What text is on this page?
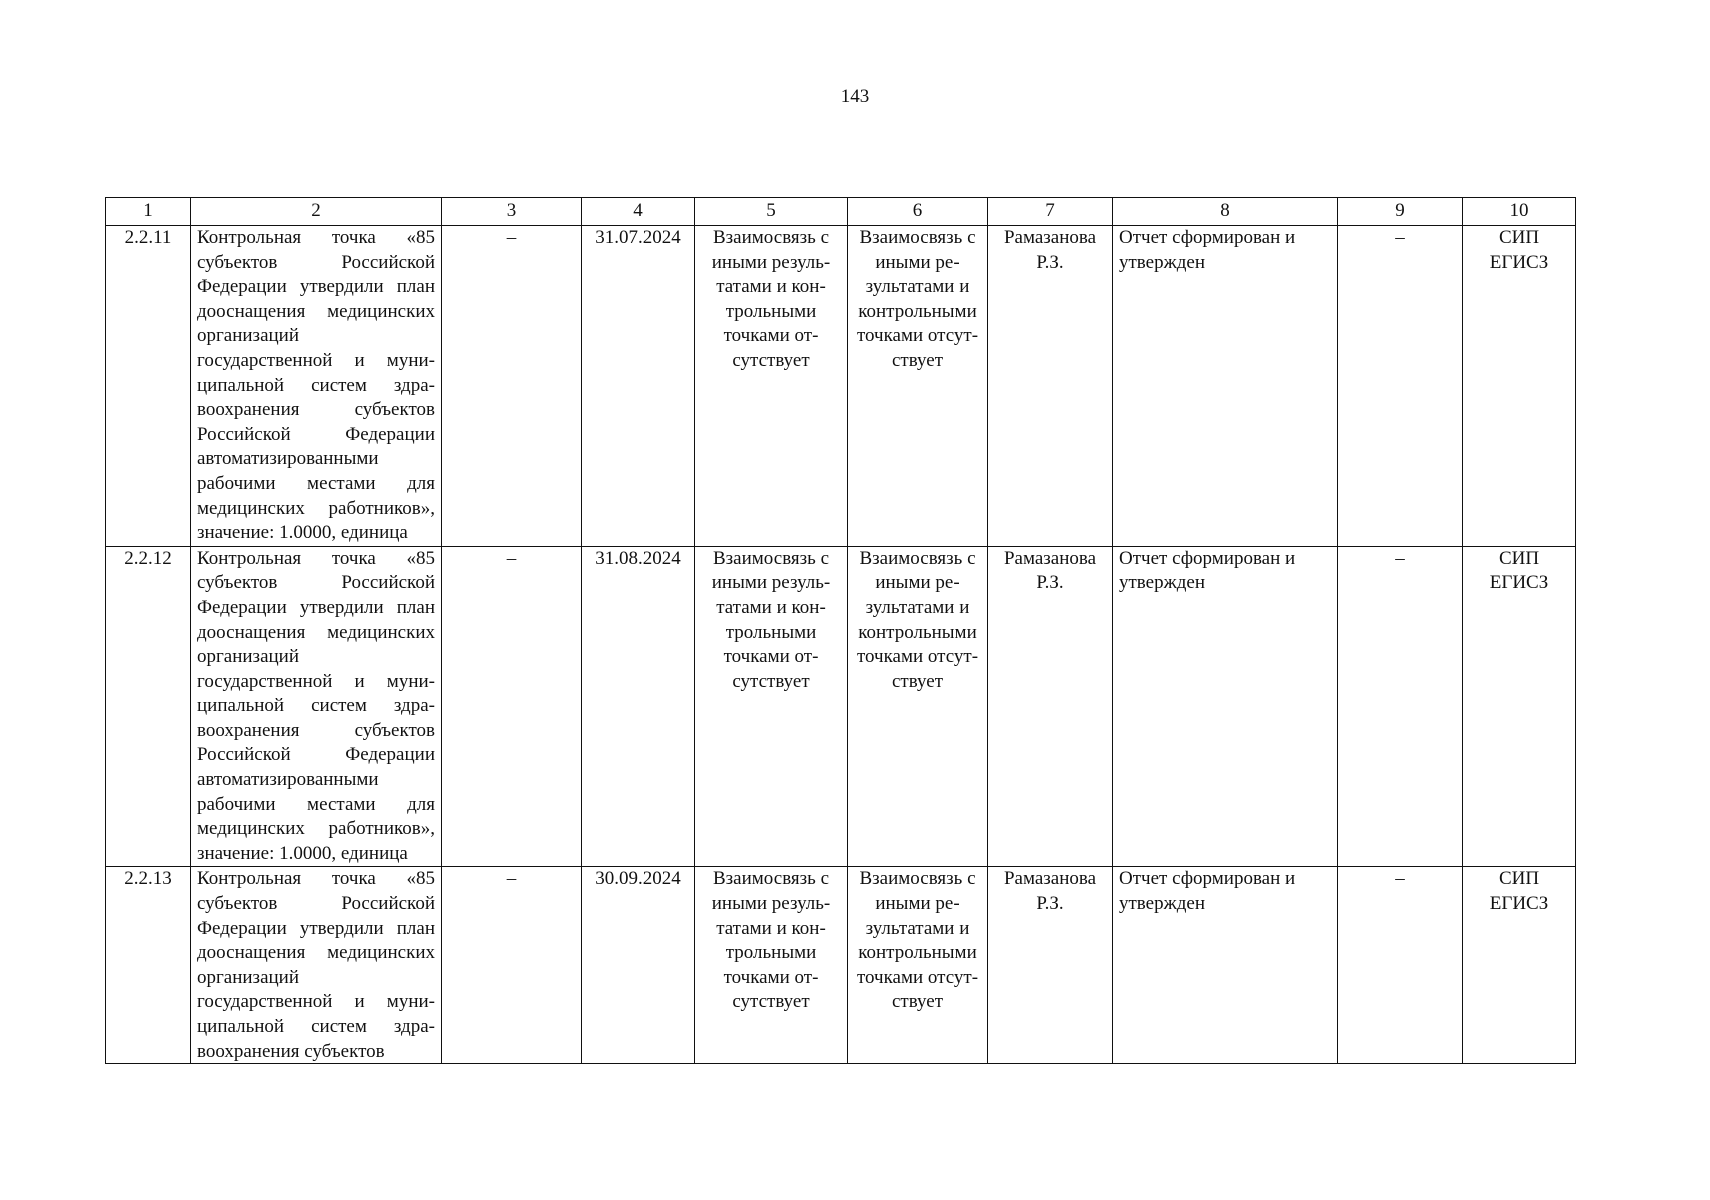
143
1	2	3	4	5	6	7	8	9	10
2.2.11	Контрольная точка «85 субъектов Российской Федерации утвердили план дооснащения медицинских организаций государственной и муниципальной систем здравоохранения субъектов Российской Федерации автоматизированными рабочими местами для медицинских работников», значение: 1.0000, единица	–	31.07.2024	Взаимосвязь с иными результатами и контрольными точками отсутствует	Взаимосвязь с иными результатами и контрольными точками отсутствует	Рамазанова Р.З.	Отчет сформирован и утвержден	–	СИП ЕГИСЗ
2.2.12	Контрольная точка «85 субъектов Российской Федерации утвердили план дооснащения медицинских организаций государственной и муниципальной систем здравоохранения субъектов Российской Федерации автоматизированными рабочими местами для медицинских работников», значение: 1.0000, единица	–	31.08.2024	Взаимосвязь с иными результатами и контрольными точками отсутствует	Взаимосвязь с иными результатами и контрольными точками отсутствует	Рамазанова Р.З.	Отчет сформирован и утвержден	–	СИП ЕГИСЗ
2.2.13	Контрольная точка «85 субъектов Российской Федерации утвердили план дооснащения медицинских организаций государственной и муниципальной систем здравоохранения субъектов	–	30.09.2024	Взаимосвязь с иными результатами и контрольными точками отсутствует	Взаимосвязь с иными результатами и контрольными точками отсутствует	Рамазанова Р.З.	Отчет сформирован и утвержден	–	СИП ЕГИСЗ
